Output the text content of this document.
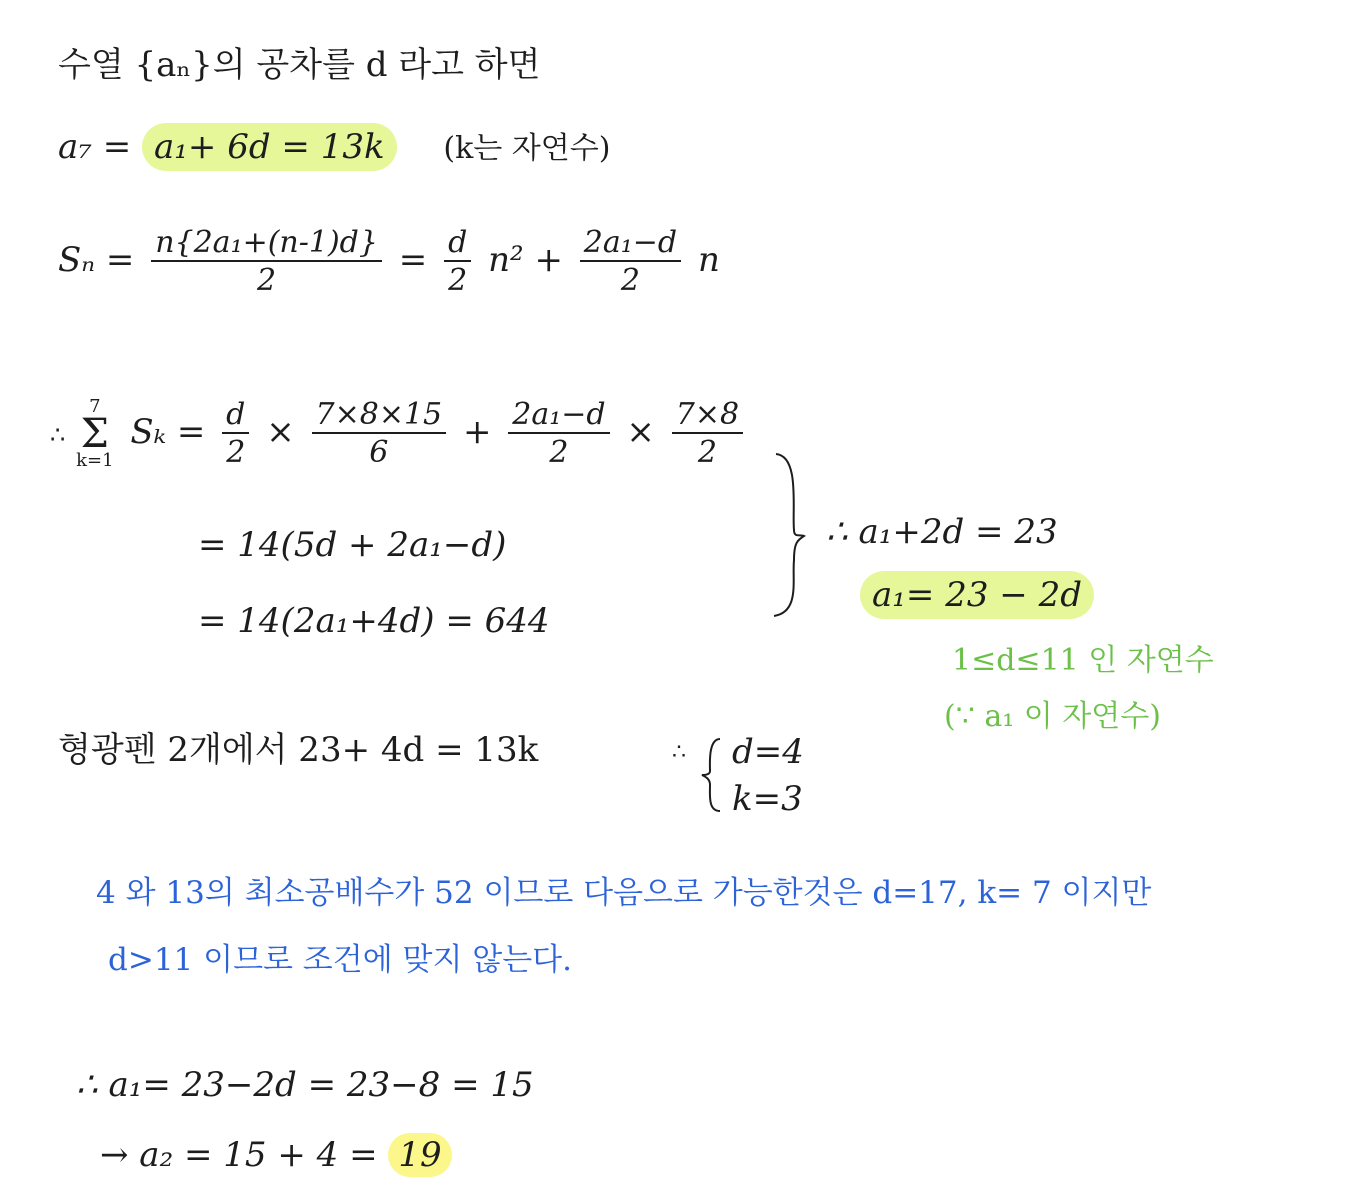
수열 {aₙ}의 공차를 d 라고 하면
a₇ = a₁+ 6d = 13k (k는 자연수)
$S_n = \frac{\text{n\{2a₁+(n-1)d\}}}{2} = \frac{d}{2} n^2 + \frac{\text{2a₁−d}}{2}$ n
∴
7
Σ
k=1
$S_k = \frac{d}{2} \times \frac{7\times 8\times 15}{6} + \frac{\text{2a₁−d}}{2} \times \frac{7\times 8}{2}$
= 14(5d + 2a₁−d)
= 14(2a₁+4d) = 644
∴ a₁+2d = 23
a₁= 23 − 2d
1≤d≤11 인 자연수
(∵ a₁ 이 자연수)
형광펜 2개에서 23+ 4d = 13k	∴ d=4
k=3
4 와 13의 최소공배수가 52 이므로 다음으로 가능한것은 d=17, k= 7 이지만
d>11 이므로 조건에 맞지 않는다.
∴ a₁= 23−2d = 23−8 = 15
→ a₂ = 15 + 4 = 19
